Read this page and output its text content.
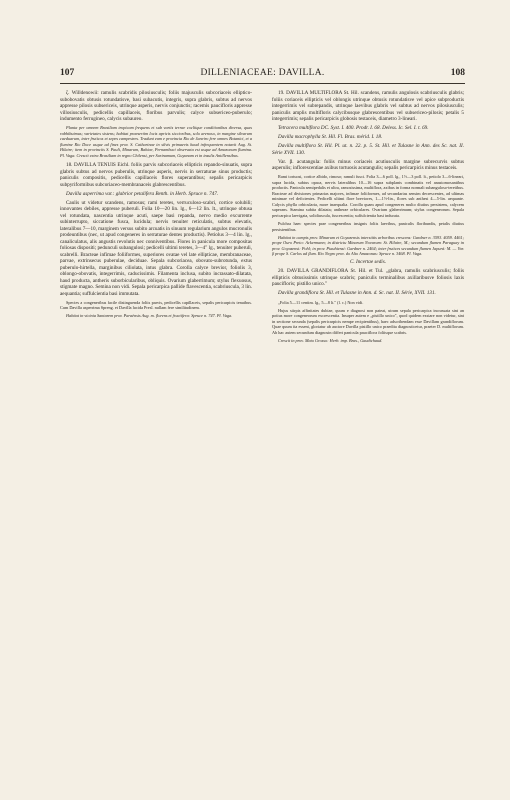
107	DILLENIACEAE: DAVILLA.	108

ζ. Willdenowii: ramulis scabridis pilosiusculis; foliis majusculis subcoriaceis elliptico-subobovatis obtusis rotundatisve, basi subacutis, integris, supra glabris, subtus ad nervos appresse pilosis subsericeis, utrinque asperis, nervis conjunctis; racemis pauciflоris appresse villosiusculis, pedicellis capillaceis, floribus parvulis; calyce subsericeo-puberulo; indumento ferrugineo, calycis subaureo.

Planta per omnem Brasiliam tropicam frequens et sub variis terrae cocliique conditionibus diversa, quas rabhibuimus; varietates sistens; habitat praesertim locis apricis siccioribus, solo arenoso, in margine silvarum caeduarum, inter fruticos et sepes campestres. Tradunt eam e provincia Rio de Janeiro fere omnes Botanici, et a flumine Rio Doce usque ad fines prov. S. Catharinae in silvis primaevis haud infrequentem notavit Aug. St. Hilaire; item in provinciis S. Pauli, Minarum, Bahiae, Pernambuci observata est usque ad Amazonum flumina. Pl. Vaga. Crescit extra Brasiliam in regno Chilensi, per Surinamum, Guyanam et in insulis Antillensibus.

18. DAVILLA TENUIS Eichl. foliis parvis subcoriaceis ellipticis repando-sinuatis, supra glabris subtus ad nervos puberulis, utrinque asperis, nervis in serraturae sinus productis; paniculis compositis, pedicellis capillaceis flores superantibus; sepalis pericarpicis subpyriformibus subcoriaceo-membranaceis glabrescentibus.

Davilla asperrima var.: glabrior petalifera Benth. in Herb. Spruce n. 747.

Caulis ut videtur scandens, ramosus; rami teretes, verruculoso-scabri, cortice solubili; innovantes debiles, apprеsse puberuli. Folia 10—20 lin. lg., 6—12 lin. lt., utrinque obtusa vel rotundata, nascentia utrinque acuti, saepe basi repanda, nervo medio excurrente subinterruptо, siccatione fusca, lucidula; nervis tenuiter reticulatis, subtus elevatis, lateralibus 7—10, marginem versus subito arcuatis in sinuum regularium angulos mucronulis prodeuntibus (nec, ut apud congeneres in serraturae dentes productis). Petiolus 3—4 lin. lg., canaliculatus, alis angustis revolutis nec conniventibus. Flores in panicula more compositas foliosas dispositi; pedunculi subangulosi; pedicelli ultimi teretes, 3—4″ lg., tenuiter puberuli, scabrelli. Bracteae infimae foliiformes, superiores ovatae vel late ellipticae, membranaceae, parvae, extrinsecus puberulae, deciduae. Sepala subcoriacea, obovato-subrotunda, extus puberulo-hirtella, marginibus ciliolata, intus glabra. Corolla calyce brevior, foliolis 3, oblongo-obovatis, integerrimis, caducissimis. Filamenta inclusa, subito incrassato-dilatata, haud producta, antheris suborbicularibus, obliquis. Ovarium glaberrimum; stylus flexuosus, stigmate magno. Semina non vidi. Sepala pericarpica pallide flavescentia, scabriuscula, 3 lin. aequantia; suffulcientia basi immutata.

Species a congeneribus facile distinguenda foliis parvis, pedicellis capillaceis, sepalis pericarpicis tenuibus. Cum Davilla asperrima Spreng. et Davilla lucida Presl. nullam fere similitudinem.

Habitat in vicinia Santarem prov. Paraënsis Aug. m. florens et fructifera: Spruce n. 747. Pl. Vaga.

19. DAVILLA MULTIFLORA St. Hil. scandens, ramulis angulosis scabriusculis glabris; foliis coriaceis ellipticis vel oblongis utrinque obtusis rotundatisve vel apice subproductis integerrimis vel subrepandis, utrinque laevibus glabris vel subtus ad nervos pilosiusculis; paniculis amplis multifloris calycibusque glabrescentibus vel subsericeo-pilosis; petalis 5 integerrimis; sepalis pericarpicis globosis testaceis, diametro 3-lineari.

Tetracera multiflora DC. Syst. I. 400. Prodr. I. 68. Deless. Ic. Sel. I. t. 69.

Davilla macrophylla St. Hil. Fl. Bras. mérid. I. 18.

Davilla multiflora St. Hil. Pl. ut. n. 22. p. 5. St. Hil. et Tulasne in Ann. des Sc. nat. II. Série XVII. 130.

Var. β. acutangula: foliis minus coriaceis acutiusculis margine subrecurvis subtus asperulis; inflorescentiae axibus tortuosis acutangulis; sepalis pericarpicis minus testaceis.

Rami tortuosi, cortice albido, rimoso; ramuli fusci. Folia 3—6 poll. lg., 1½—3 poll. lt., petiolo 3—6-lineari, supra lucida, subtus opaca, nervis lateralibus 10—16 supra subplanis combinatis vel anastomosantibus productis. Panicula semipedalis et ultra, ramosissima, multiflora, axibus in forma normali subangulosо-teretibus. Bracteae ad divisiones primarias majores, infimae foliiformes, ad secundarias sensim decrescentes, ad ultimas minimae vel deficientes. Pedicelli ultimi flore breviores, 1—1½-lin., flores sub anthesi 4—5-lin. aequante. Calycis phylla orbicularia, more inaequalia. Corolla quam apud congeneres multo diutius persistens, calycem superans. Stamina subita dilatata; antherae orbiculares. Ovarium glaberrimum; stylus congeneorum. Sepala pericarpica laevigata, solidiuscula, fuscescentia; suffulcientia basi indurata.

Pulchra haec species prae congeneribus insignis foliis laevibus, paniculis floribundis, petalis diutius persistentibus.

Habitat in campis prov. Minarum et Goyazensis interstitis arboribus crescens: Gardner n. 3593. 4059. 4461; prope Ouro Preto: Ackermann; in districtu Minarum Novarum: St. Hilaire, M.; secundum flumen Paraguay in prov. Goyazensi: Pohl; in prov. Piauhiensi: Gardner n. 2464; inter frutices secundum flumen Japurá: M. — Var. β prope S. Carlos ad flum. Rio Negro prov. do Alto Amazonas: Spruce n. 3468. Pl. Vaga.

C. Incertae sedis.

20. DAVILLA GRANDIFLORA St. Hil. et Tul. „glabra, ramulis scabriusculis; foliis ellipticis obtusissimis utrinque scabris; paniculis terminalibus axillaribusve foliosis laxis paucifloris; pistillo unico."

Davilla grandiflora St. Hil. et Tulasne in Ann. d. Sc. nat. II. Série, XVII. 131.

„Folia 5—11 centim. lg., 5—8 lt." (l. c.) Non vidi.

Hujus stirpis affinitates dubiae, quum e diagnosi non pateat, utrum sepala pericarpica incrassata sint an potius more congeneorum excrescentia. Insuper autem e „pistillo unico", quod quidem exstare non videtur, sint in sectione secunda (sepalis pericarpicis nempe recipientibus), haec adscribendam esse Davillam grandiflorum. Quae quum ita essent, gloriatur ab auctore Davilla pistillo unico praedita diagnosticetur, praeter D. multiflorum. Ab hac autem secundum diagnosin differt panicula paucifloга foliisque scabris.

Crescit in prov. Mato Grosso: Herb. imp. Bras., Gaudichaud.
